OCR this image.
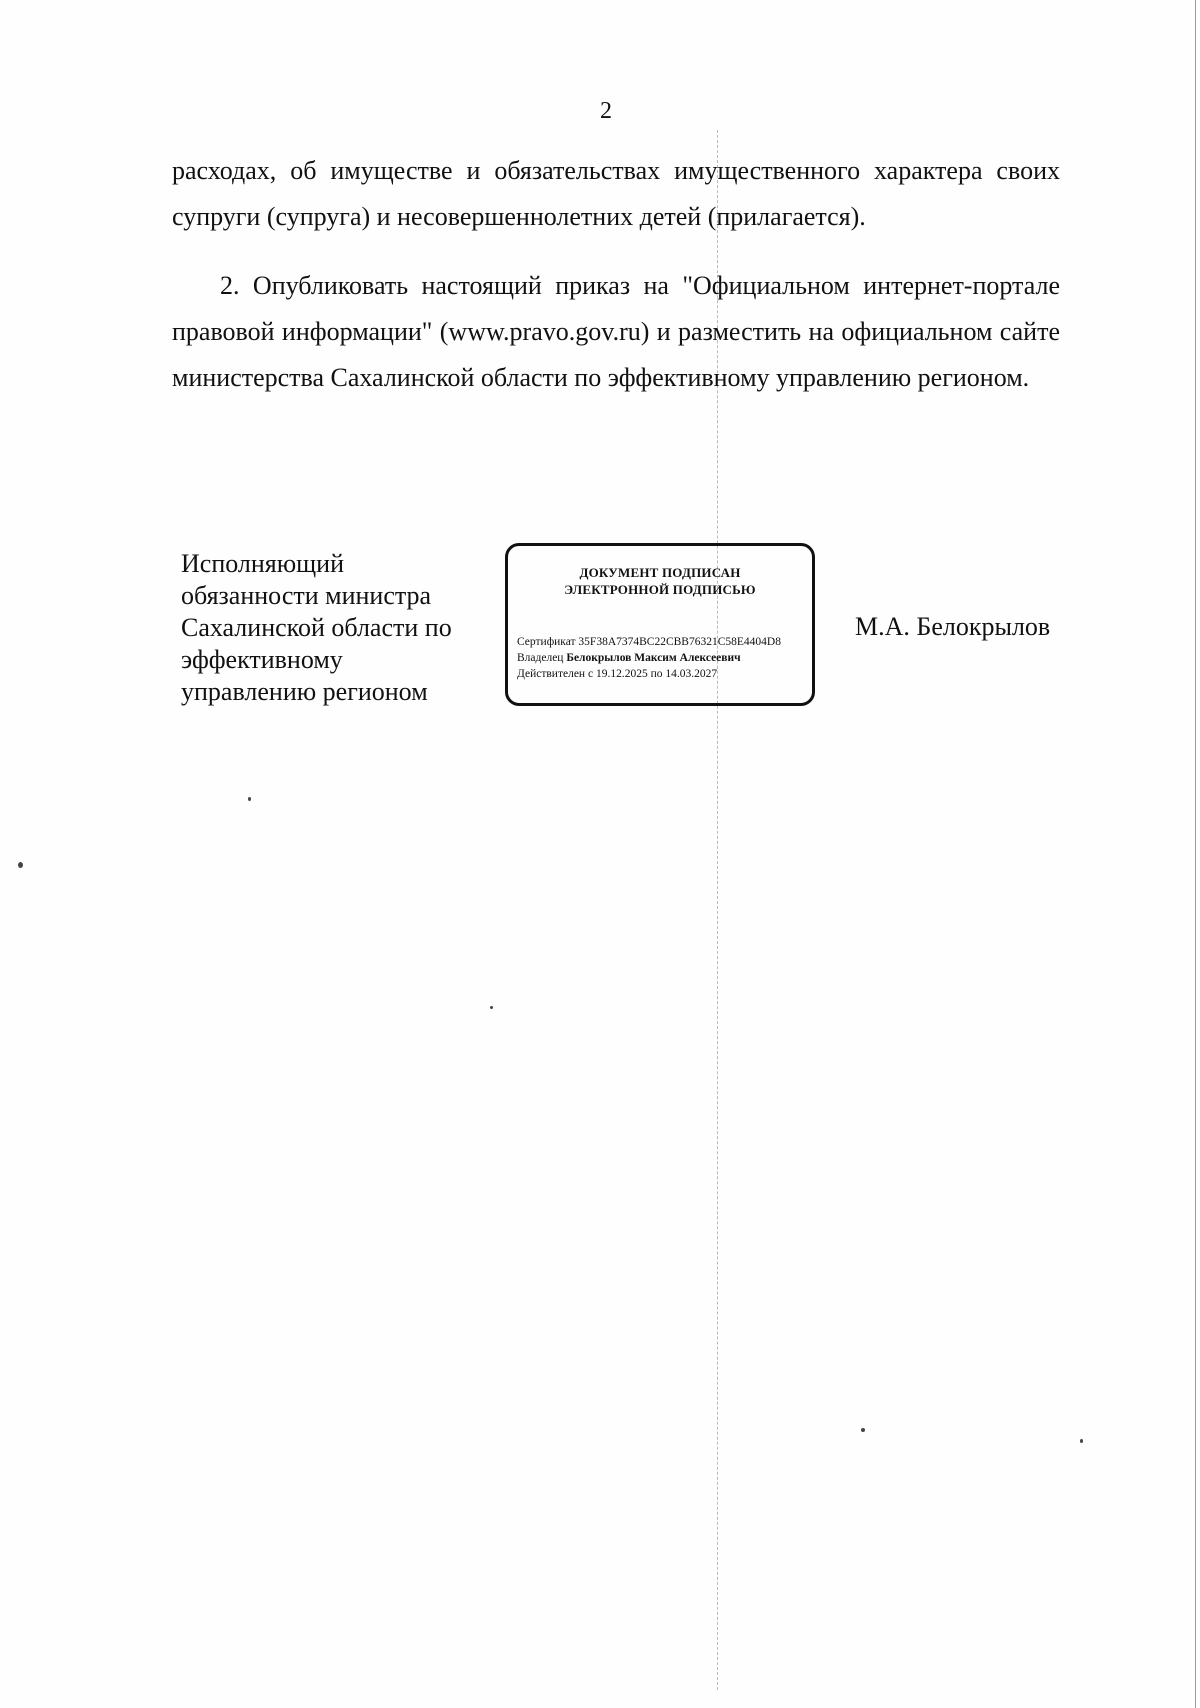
2
расходах, об имуществе и обязательствах имущественного характера своих супруги (супруга) и несовершеннолетних детей (прилагается).
2. Опубликовать настоящий приказ на "Официальном интернет-портале правовой информации" (www.pravo.gov.ru) и разместить на официальном сайте министерства Сахалинской области по эффективному управлению регионом.
Исполняющий
обязанности министра
Сахалинской области по
эффективному
управлению регионом
ДОКУМЕНТ ПОДПИСАН
ЭЛЕКТРОННОЙ ПОДПИСЬЮ
Сертификат 35F38A7374BC22CBB76321C58E4404D8
Владелец Белокрылов Максим Алексеевич
Действителен с 19.12.2025 по 14.03.2027
М.А. Белокрылов
